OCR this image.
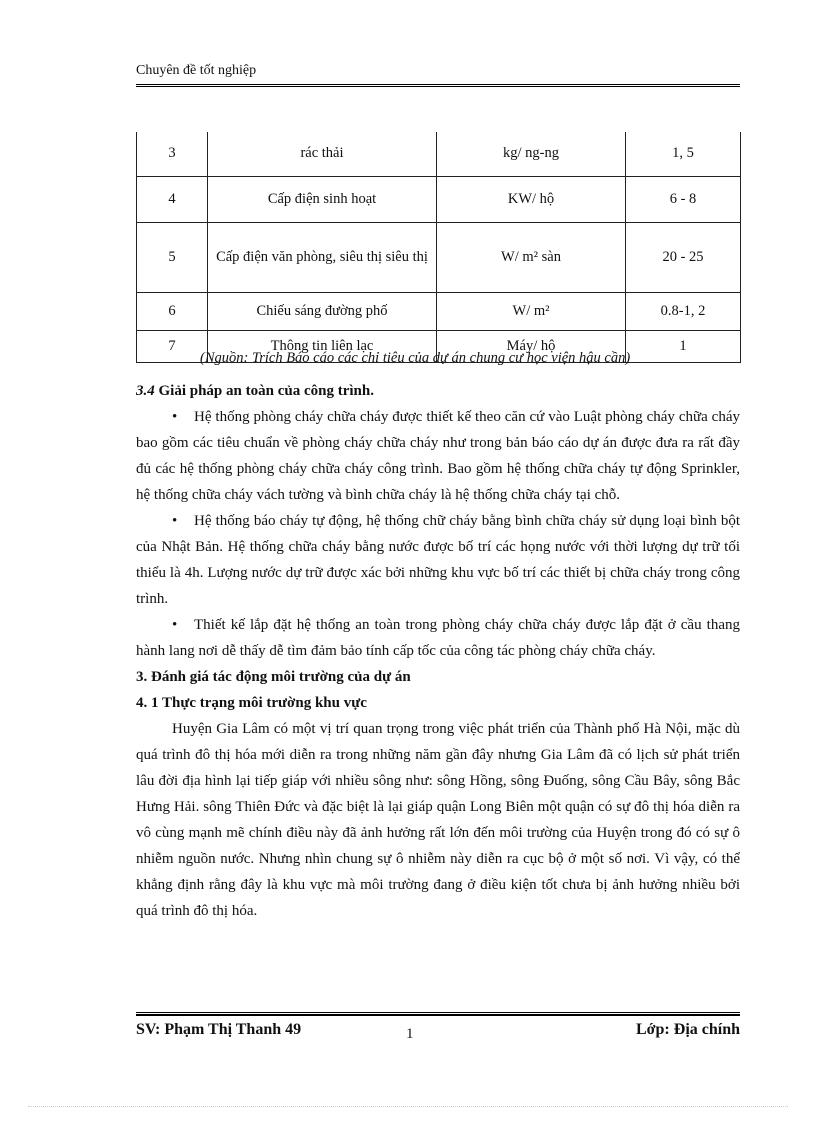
Chuyên đề tốt nghiệp
3	rác thải	kg/ ng-ng	1, 5
4	Cấp điện sinh hoạt	KW/ hộ	6 - 8
5	Cấp điện văn phòng, siêu thị siêu thị	W/ m² sàn	20 - 25
6	Chiếu sáng đường phố	W/ m²	0.8-1, 2
7	Thông tin liên lạc	Máy/ hộ	1
(Nguồn: Trích Báo cáo các chỉ tiêu của dự án chung cư học viện hậu cần)

3.4 Giải pháp an toàn của công trình.

• Hệ thống phòng cháy chữa cháy được thiết kế theo căn cứ vào Luật phòng cháy chữa cháy bao gồm các tiêu chuẩn về phòng cháy chữa cháy như trong bản báo cáo dự án được đưa ra rất đầy đủ các hệ thống phòng cháy chữa cháy công trình. Bao gồm hệ thống chữa cháy tự động Sprinkler, hệ thống chữa cháy vách tường và bình chữa cháy là hệ thống chữa cháy tại chỗ.

• Hệ thống báo cháy tự động, hệ thống chữ cháy bằng bình chữa cháy sử dụng loại bình bột của Nhật Bản. Hệ thống chữa cháy bằng nước được bố trí các họng nước với thời lượng dự trữ tối thiểu là 4h. Lượng nước dự trữ được xác bởi những khu vực bố trí các thiết bị chữa cháy trong công trình.

• Thiết kế lắp đặt hệ thống an toàn trong phòng cháy chữa cháy được lắp đặt ở cầu thang hành lang nơi dễ thấy dễ tìm đảm bảo tính cấp tốc của công tác phòng cháy chữa cháy.

3. Đánh giá tác động môi trường của dự án

4. 1 Thực trạng môi trường khu vực

Huyện Gia Lâm có một vị trí quan trọng trong việc phát triển của Thành phố Hà Nội, mặc dù quá trình đô thị hóa mới diễn ra trong những năm gần đây nhưng Gia Lâm đã có lịch sử phát triển lâu đời địa hình lại tiếp giáp với nhiều sông như: sông Hồng, sông Đuống, sông Cầu Bây, sông Bắc Hưng Hải. sông Thiên Đức và đặc biệt là lại giáp quận Long Biên một quận có sự đô thị hóa diễn ra vô cùng mạnh mẽ chính điều này đã ảnh hưởng rất lớn đến môi trường của Huyện trong đó có sự ô nhiễm nguồn nước. Nhưng nhìn chung sự ô nhiễm này diễn ra cục bộ ở một số nơi. Vì vậy, có thể khẳng định rằng đây là khu vực mà môi trường đang ở điều kiện tốt chưa bị ảnh hưởng nhiều bởi quá trình đô thị hóa.

SV: Phạm Thị Thanh 49	1	Lớp: Địa chính
